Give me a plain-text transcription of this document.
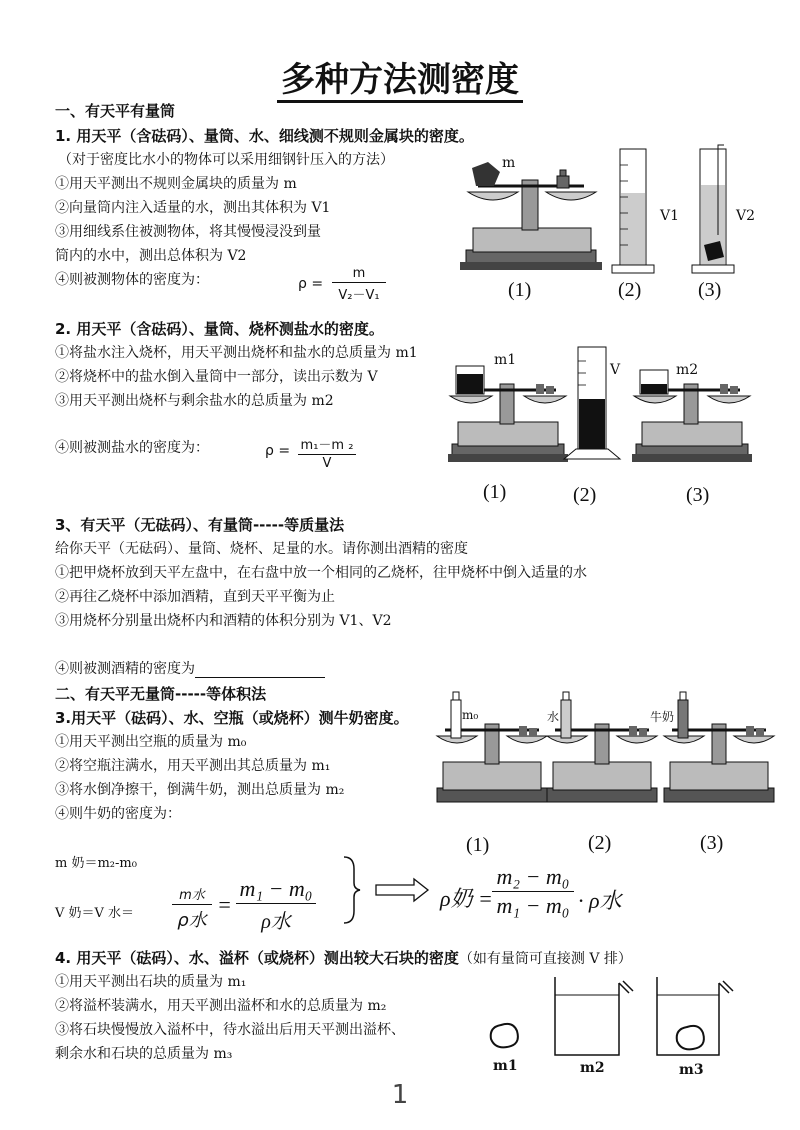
多种方法测密度
一、有天平有量筒
1. 用天平（含砝码）、量筒、水、细线测不规则金属块的密度。
（对于密度比水小的物体可以采用细钢针压入的方法）
①用天平测出不规则金属块的质量为 m
②向量筒内注入适量的水，测出其体积为 V1
③用细线系住被测物体，将其慢慢浸没到量
筒内的水中，测出总体积为 V2
④则被测物体的密度为：	ρ =
m
V₂－V₁
m
V1	V2
(1)	(2)	(3)
2. 用天平（含砝码）、量筒、烧杯测盐水的密度。
①将盐水注入烧杯，用天平测出烧杯和盐水的总质量为 m1
②将烧杯中的盐水倒入量筒中一部分，读出示数为 V
③用天平测出烧杯与剩余盐水的总质量为 m2
④则被测盐水的密度为：	ρ = m₁－m ₂
V
m1
V	m2
(1)	(2)	(3)
3、有天平（无砝码）、有量筒-----等质量法
给你天平（无砝码）、量筒、烧杯、足量的水。请你测出酒精的密度
①把甲烧杯放到天平左盘中，在右盘中放一个相同的乙烧杯，往甲烧杯中倒入适量的水
②再往乙烧杯中添加酒精，直到天平平衡为止
③用烧杯分别量出烧杯内和酒精的体积分别为 V1、V2
④则被测酒精的密度为
二、有天平无量筒-----等体积法
3.用天平（砝码）、水、空瓶（或烧杯）测牛奶密度。
①用天平测出空瓶的质量为 m₀
②将空瓶注满水，用天平测出其总质量为 m₁
③将水倒净擦干，倒满牛奶，测出总质量为 m₂
④则牛奶的密度为：
m₀	水	牛奶
(1)	(2)	(3)
m 奶＝m₂-m₀
V 奶＝V 水＝
m水
ρ水
=
m₁ − m₀
ρ水
ρ奶 =
m₂ − m₀
m₁ − m₀ · ρ水
4. 用天平（砝码）、水、溢杯（或烧杯）测出较大石块的密度（如有量筒可直接测 V 排）
①用天平测出石块的质量为 m₁
②将溢杯装满水，用天平测出溢杯和水的总质量为 m₂
③将石块慢慢放入溢杯中，待水溢出后用天平测出溢杯、
剩余水和石块的总质量为 m₃
m1	m2	m3
1
